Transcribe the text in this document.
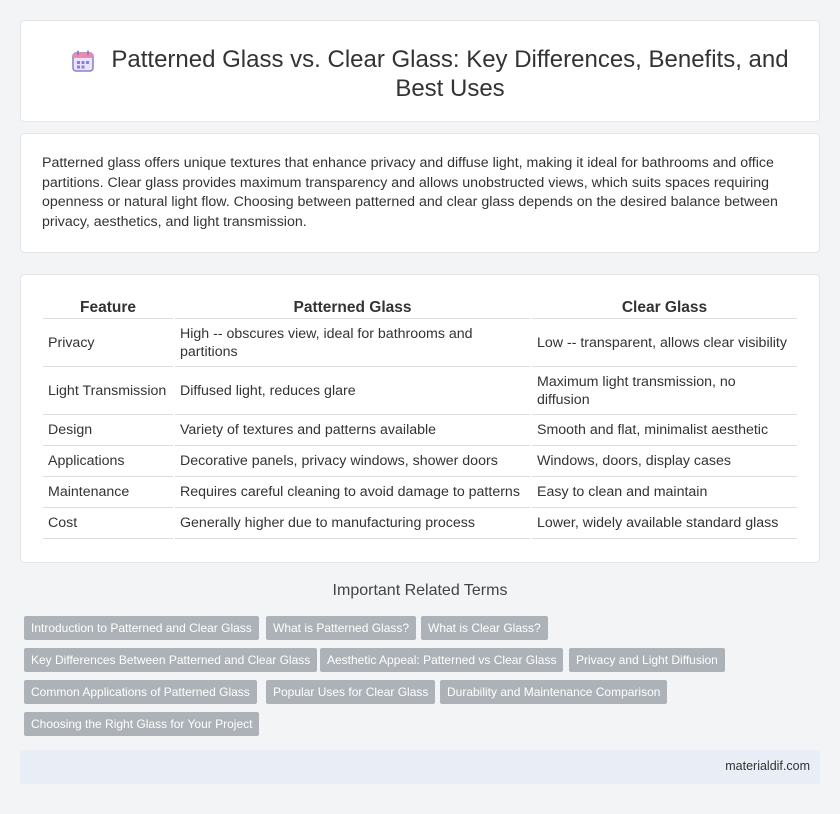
Patterned Glass vs. Clear Glass: Key Differences, Benefits, and Best Uses

Patterned glass offers unique textures that enhance privacy and diffuse light, making it ideal for bathrooms and office partitions. Clear glass provides maximum transparency and allows unobstructed views, which suits spaces requiring openness or natural light flow. Choosing between patterned and clear glass depends on the desired balance between privacy, aesthetics, and light transmission.

Feature	Patterned Glass	Clear Glass
Privacy	High -- obscures view, ideal for bathrooms and partitions	Low -- transparent, allows clear visibility
Light Transmission	Diffused light, reduces glare	Maximum light transmission, no diffusion
Design	Variety of textures and patterns available	Smooth and flat, minimalist aesthetic
Applications	Decorative panels, privacy windows, shower doors	Windows, doors, display cases
Maintenance	Requires careful cleaning to avoid damage to patterns	Easy to clean and maintain
Cost	Generally higher due to manufacturing process	Lower, widely available standard glass
Important Related Terms
Introduction to Patterned and Clear Glass	What is Patterned Glass?	What is Clear Glass?
Key Differences Between Patterned and Clear Glass	Aesthetic Appeal: Patterned vs Clear Glass	Privacy and Light Diffusion
Common Applications of Patterned Glass	Popular Uses for Clear Glass	Durability and Maintenance Comparison
Choosing the Right Glass for Your Project
materialdif.com
